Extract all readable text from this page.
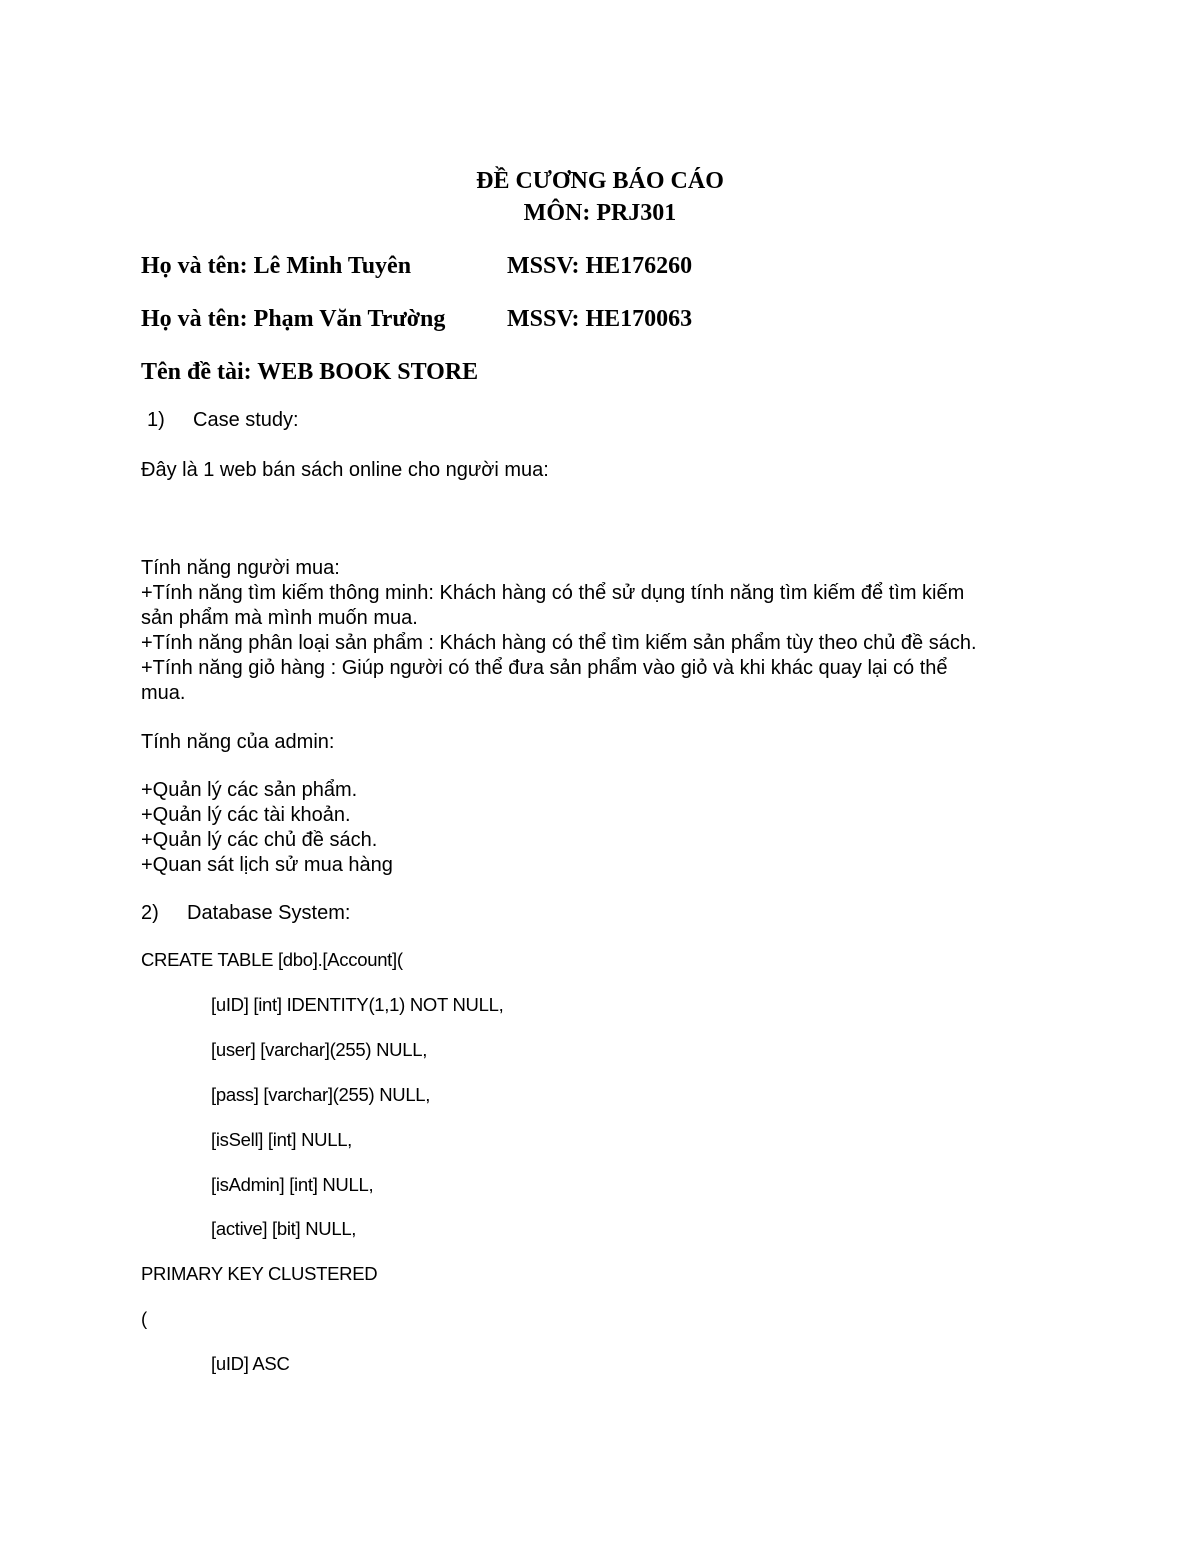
ĐỀ CƯƠNG BÁO CÁO
MÔN: PRJ301
Họ và tên: Lê Minh Tuyên	MSSV: HE176260
Họ và tên: Phạm Văn Trường	MSSV: HE170063
Tên đề tài: WEB BOOK STORE
1) Case study:
Đây là 1 web bán sách online cho người mua:
Tính năng người mua:
+Tính năng tìm kiếm thông minh: Khách hàng có thể sử dụng tính năng tìm kiếm để tìm kiếm
sản phẩm mà mình muốn mua.
+Tính năng phân loại sản phẩm : Khách hàng có thể tìm kiếm sản phẩm tùy theo chủ đề sách.
+Tính năng giỏ hàng : Giúp người có thể đưa sản phẩm vào giỏ và khi khác quay lại có thể
mua.
Tính năng của admin:
+Quản lý các sản phẩm.
+Quản lý các tài khoản.
+Quản lý các chủ đề sách.
+Quan sát lịch sử mua hàng
2) Database System:
CREATE TABLE [dbo].[Account](
[uID] [int] IDENTITY(1,1) NOT NULL,
[user] [varchar](255) NULL,
[pass] [varchar](255) NULL,
[isSell] [int] NULL,
[isAdmin] [int] NULL,
[active] [bit] NULL,
PRIMARY KEY CLUSTERED
(
[uID] ASC
